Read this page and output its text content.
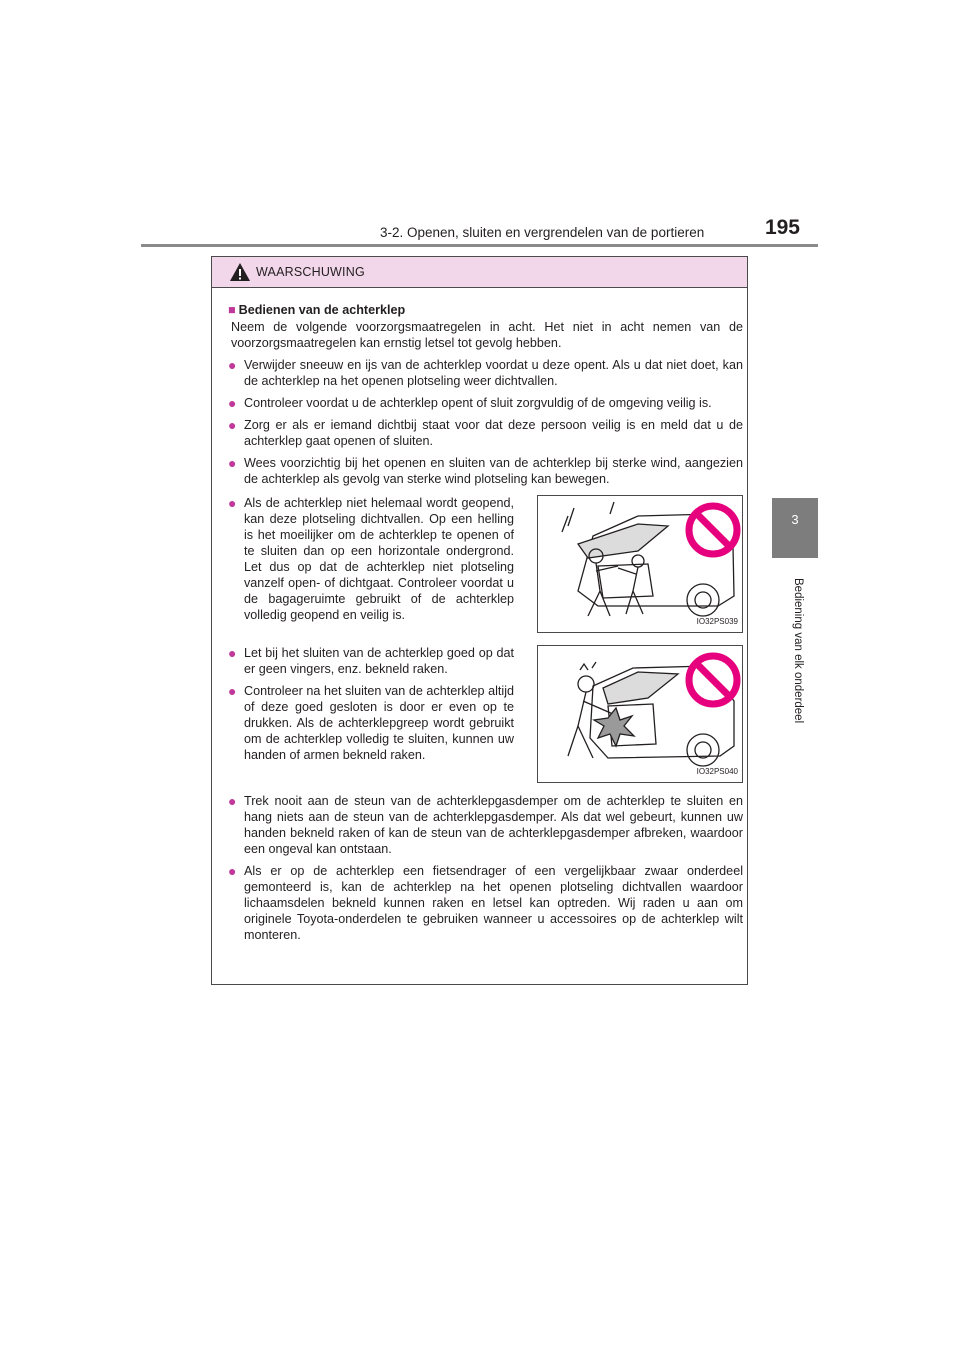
3-2. Openen, sluiten en vergrendelen van de portieren	195
3
Bediening van elk onderdeel
WAARSCHUWING
■ Bedienen van de achterklep
Neem de volgende voorzorgsmaatregelen in acht. Het niet in acht nemen van de voorzorgsmaatregelen kan ernstig letsel tot gevolg hebben.
● Verwijder sneeuw en ijs van de achterklep voordat u deze opent. Als u dat niet doet, kan de achterklep na het openen plotseling weer dichtvallen.
● Controleer voordat u de achterklep opent of sluit zorgvuldig of de omgeving veilig is.
● Zorg er als er iemand dichtbij staat voor dat deze persoon veilig is en meld dat u de achterklep gaat openen of sluiten.
● Wees voorzichtig bij het openen en sluiten van de achterklep bij sterke wind, aangezien de achterklep als gevolg van sterke wind plotseling kan bewegen.
● Als de achterklep niet helemaal wordt geopend, kan deze plotseling dichtvallen. Op een helling is het moeilijker om de achterklep te openen of te sluiten dan op een horizontale ondergrond. Let dus op dat de achterklep niet plotseling vanzelf open- of dichtgaat. Controleer voordat u de bagageruimte gebruikt of de achterklep volledig geopend en veilig is.	IO32PS039
● Let bij het sluiten van de achterklep goed op dat er geen vingers, enz. bekneld raken.
● Controleer na het sluiten van de achterklep altijd of deze goed gesloten is door er even op te drukken. Als de achterklepgreep wordt gebruikt om de achterklep volledig te sluiten, kunnen uw handen of armen bekneld raken.
IO32PS040
● Trek nooit aan de steun van de achterklepgasdemper om de achterklep te sluiten en hang niets aan de steun van de achterklepgasdemper. Als dat wel gebeurt, kunnen uw handen bekneld raken of kan de steun van de achterklepgasdemper afbreken, waardoor een ongeval kan ontstaan.
● Als er op de achterklep een fietsendrager of een vergelijkbaar zwaar onderdeel gemonteerd is, kan de achterklep na het openen plotseling dichtvallen waardoor lichaamsdelen bekneld kunnen raken en letsel kan optreden. Wij raden u aan om originele Toyota-onderdelen te gebruiken wanneer u accessoires op de achterklep wilt monteren.
